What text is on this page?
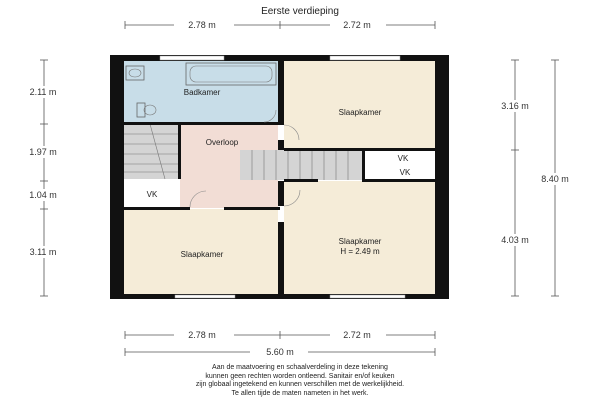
Eerste verdieping
2.78 m	2.72 m
2.78 m	2.72 m
5.60 m
2.11 m
1.97 m
1.04 m
3.11 m
3.16 m
4.03 m
8.40 m
Badkamer
Slaapkamer
Overloop
VK
VK
VK
Slaapkamer
Slaapkamer
H = 2.49 m
Aan de maatvoering en schaalverdeling in deze tekening
kunnen geen rechten worden ontleend. Sanitair en/of keuken
zijn globaal ingetekend en kunnen verschillen met de werkelijkheid.
Te allen tijde de maten nameten in het werk.
